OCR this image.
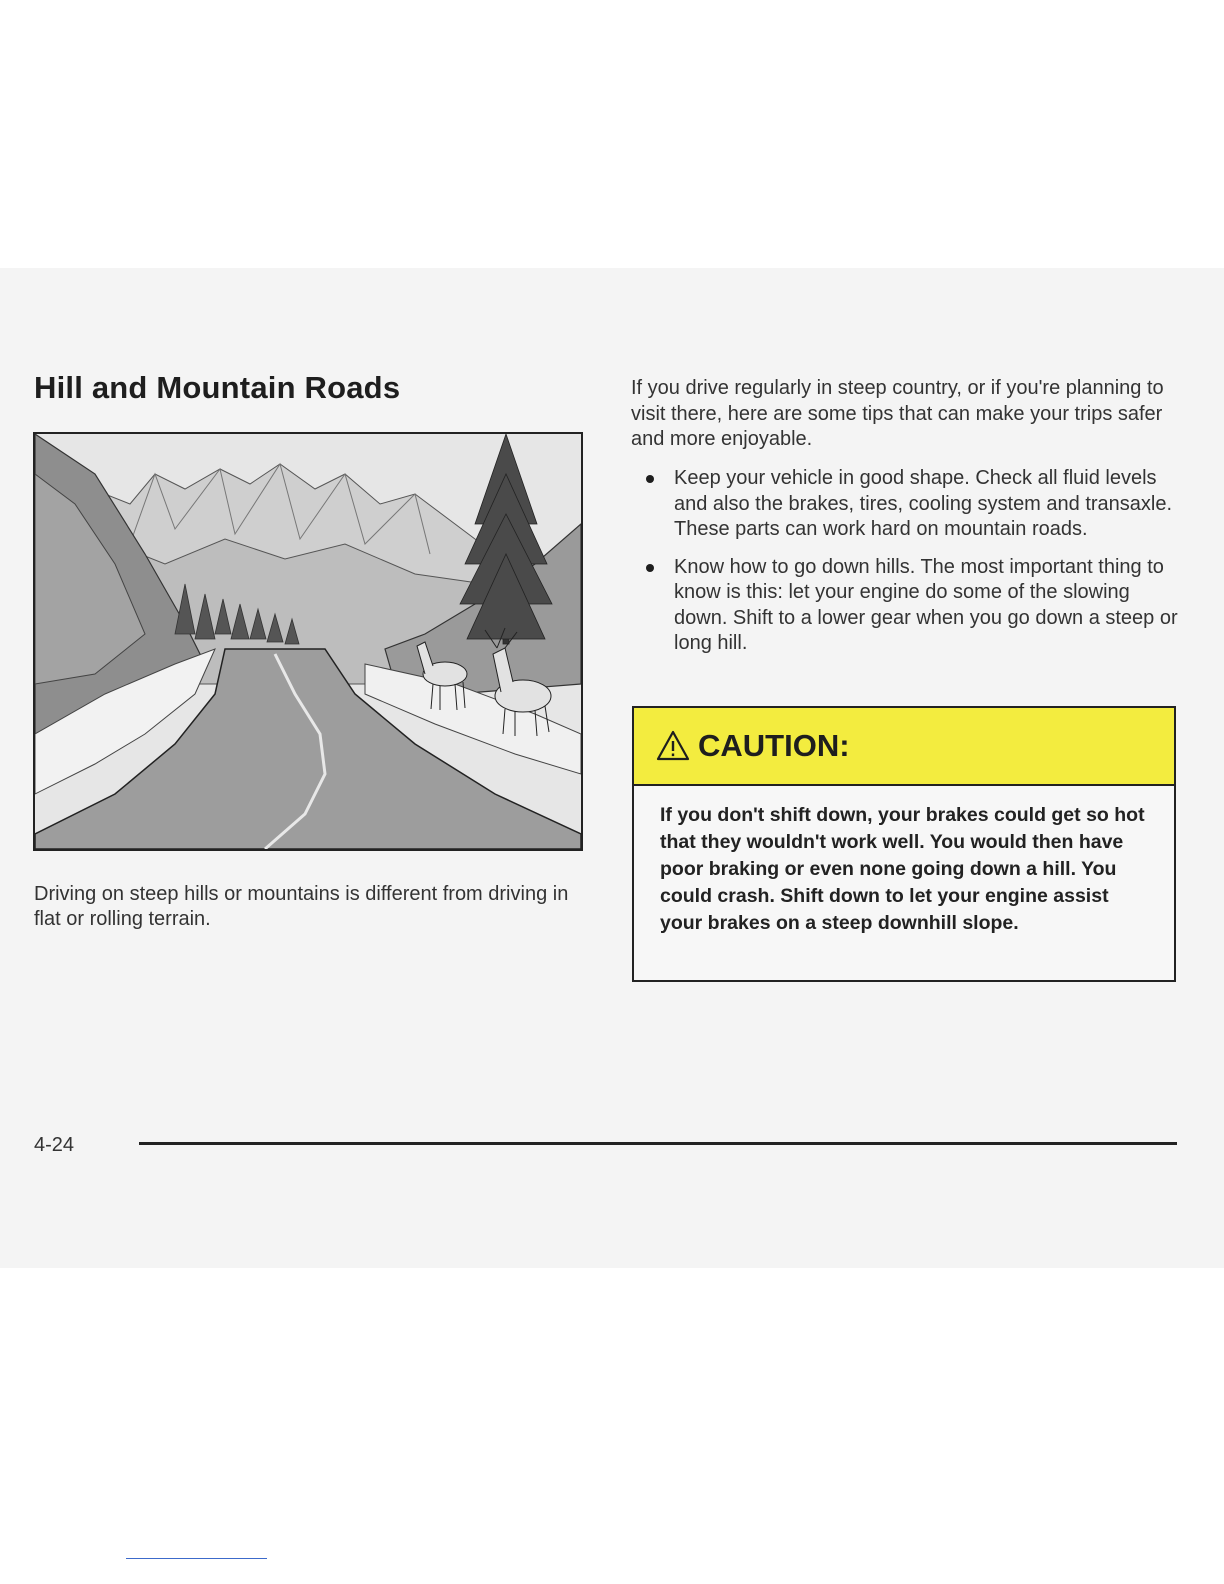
Hill and Mountain Roads

Driving on steep hills or mountains is different from driving in flat or rolling terrain.

If you drive regularly in steep country, or if you're planning to visit there, here are some tips that can make your trips safer and more enjoyable.

Keep your vehicle in good shape. Check all fluid levels and also the brakes, tires, cooling system and transaxle. These parts can work hard on mountain roads.
Know how to go down hills. The most important thing to know is this: let your engine do some of the slowing down. Shift to a lower gear when you go down a steep or long hill.
CAUTION:

If you don't shift down, your brakes could get so hot that they wouldn't work well. You would then have poor braking or even none going down a hill. You could crash. Shift down to let your engine assist your brakes on a steep downhill slope.

4-24
